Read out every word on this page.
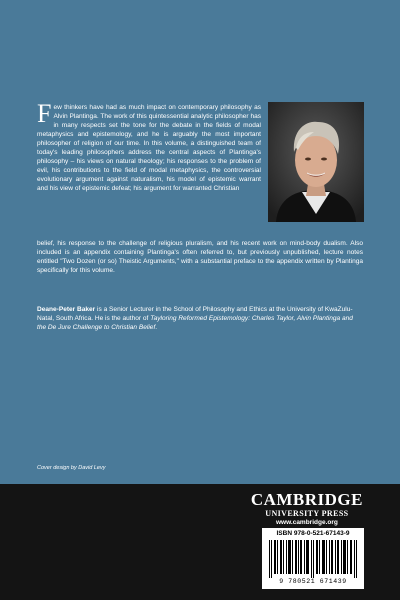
Few thinkers have had as much impact on contemporary philosophy as Alvin Plantinga. The work of this quintessential analytic philosopher has in many respects set the tone for the debate in the fields of modal metaphysics and epistemology, and he is arguably the most important philosopher of religion of our time. In this volume, a distinguished team of today's leading philosophers address the central aspects of Plantinga's philosophy – his views on natural theology; his responses to the problem of evil, his contributions to the field of modal metaphysics, the controversial evolutionary argument against naturalism, his model of epistemic warrant and his view of epistemic defeat; his argument for warranted Christian
belief, his response to the challenge of religious pluralism, and his recent work on mind-body dualism. Also included is an appendix containing Plantinga's often referred to, but previously unpublished, lecture notes entitled "Two Dozen (or so) Theistic Arguments," with a substantial preface to the appendix written by Plantinga specifically for this volume.
Deane-Peter Baker is a Senior Lecturer in the School of Philosophy and Ethics at the University of KwaZulu-Natal, South Africa. He is the author of Tayloring Reformed Epistemology: Charles Taylor, Alvin Plantinga and the De Jure Challenge to Christian Belief.
Cover design by David Levy
CAMBRIDGE
UNIVERSITY PRESS
www.cambridge.org
ISBN 978-0-521-67143-9
9 780521 671439
